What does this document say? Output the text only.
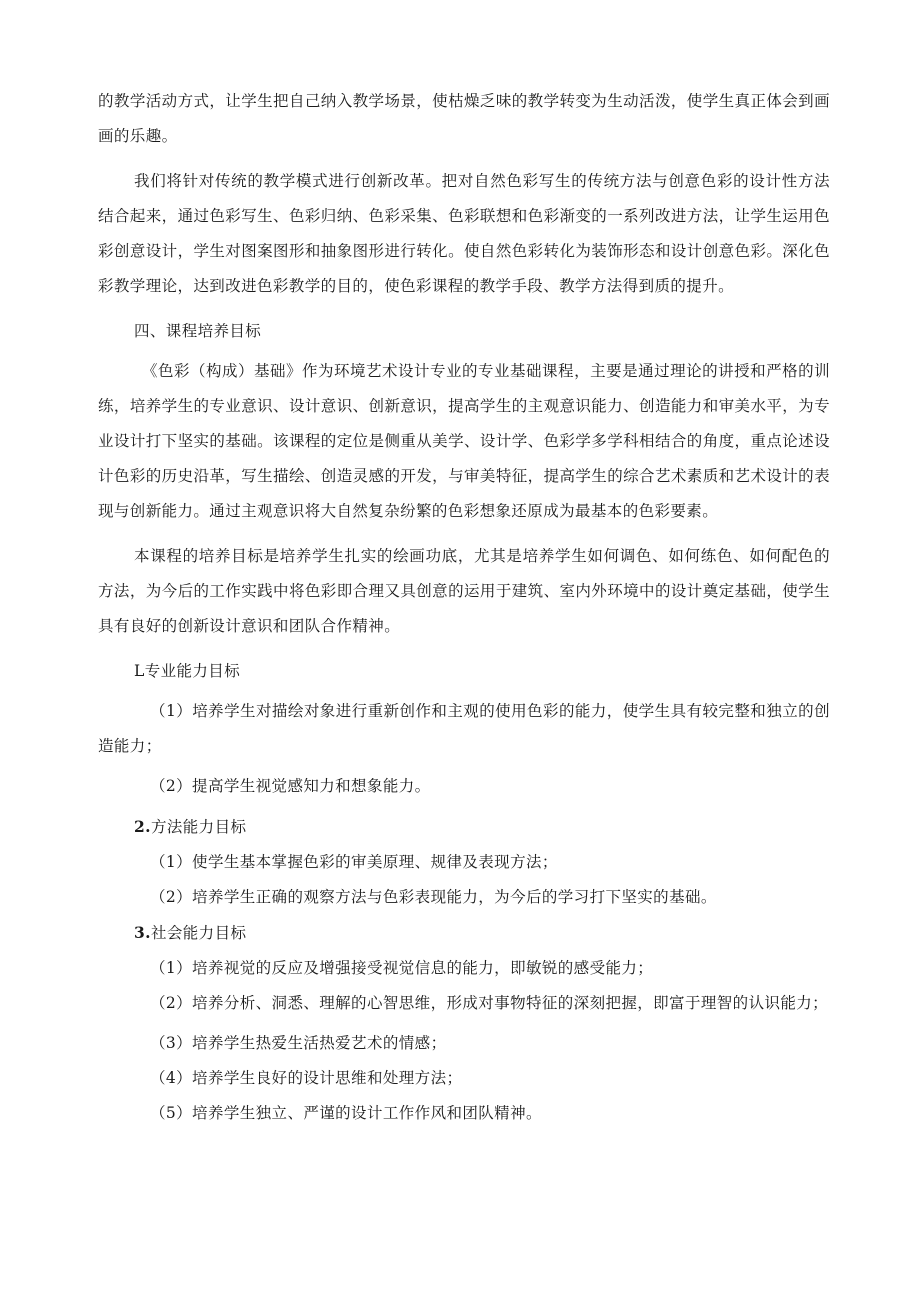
的教学活动方式，让学生把自己纳入教学场景，使枯燥乏味的教学转变为生动活泼，使学生真正体会到画画的乐趣。

我们将针对传统的教学模式进行创新改革。把对自然色彩写生的传统方法与创意色彩的设计性方法结合起来，通过色彩写生、色彩归纳、色彩采集、色彩联想和色彩渐变的一系列改进方法，让学生运用色彩创意设计，学生对图案图形和抽象图形进行转化。使自然色彩转化为装饰形态和设计创意色彩。深化色彩教学理论，达到改进色彩教学的目的，使色彩课程的教学手段、教学方法得到质的提升。

四、课程培养目标

《色彩（构成）基础》作为环境艺术设计专业的专业基础课程，主要是通过理论的讲授和严格的训练，培养学生的专业意识、设计意识、创新意识，提高学生的主观意识能力、创造能力和审美水平，为专业设计打下坚实的基础。该课程的定位是侧重从美学、设计学、色彩学多学科相结合的角度，重点论述设计色彩的历史沿革，写生描绘、创造灵感的开发，与审美特征，提高学生的综合艺术素质和艺术设计的表现与创新能力。通过主观意识将大自然复杂纷繁的色彩想象还原成为最基本的色彩要素。

本课程的培养目标是培养学生扎实的绘画功底，尤其是培养学生如何调色、如何练色、如何配色的方法，为今后的工作实践中将色彩即合理又具创意的运用于建筑、室内外环境中的设计奠定基础，使学生具有良好的创新设计意识和团队合作精神。

L专业能力目标

（1）培养学生对描绘对象进行重新创作和主观的使用色彩的能力，使学生具有较完整和独立的创造能力；

（2）提高学生视觉感知力和想象能力。

2.方法能力目标

（1）使学生基本掌握色彩的审美原理、规律及表现方法；

（2）培养学生正确的观察方法与色彩表现能力，为今后的学习打下坚实的基础。

3.社会能力目标

（1）培养视觉的反应及增强接受视觉信息的能力，即敏锐的感受能力；

（2）培养分析、洞悉、理解的心智思维，形成对事物特征的深刻把握，即富于理智的认识能力；

（3）培养学生热爱生活热爱艺术的情感；

（4）培养学生良好的设计思维和处理方法；

（5）培养学生独立、严谨的设计工作作风和团队精神。
